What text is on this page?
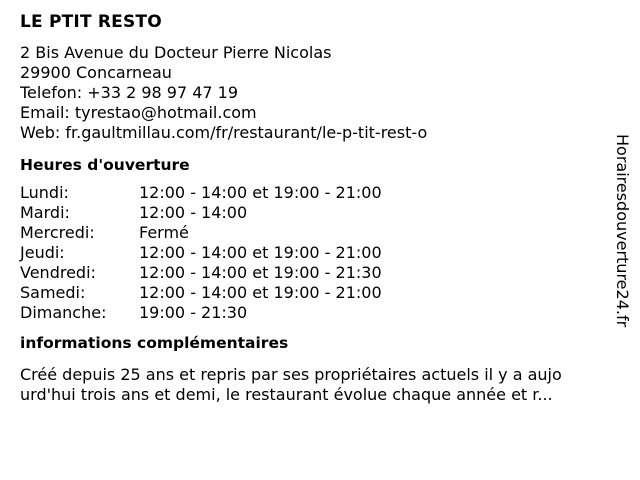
LE PTIT RESTO
2 Bis Avenue du Docteur Pierre Nicolas
29900 Concarneau
Telefon: +33 2 98 97 47 19
Email: tyrestao@hotmail.com
Web: fr.gaultmillau.com/fr/restaurant/le-p-tit-rest-o
Heures d'ouverture
Lundi:	12:00 - 14:00 et 19:00 - 21:00
Mardi:	12:00 - 14:00
Mercredi:	Fermé
Jeudi:	12:00 - 14:00 et 19:00 - 21:00
Vendredi:	12:00 - 14:00 et 19:00 - 21:30
Samedi:	12:00 - 14:00 et 19:00 - 21:00
Dimanche:	19:00 - 21:30
informations complémentaires
Créé depuis 25 ans et repris par ses propriétaires actuels il y a aujo
urd'hui trois ans et demi, le restaurant évolue chaque année et r...
Horairesdouverture24.fr
